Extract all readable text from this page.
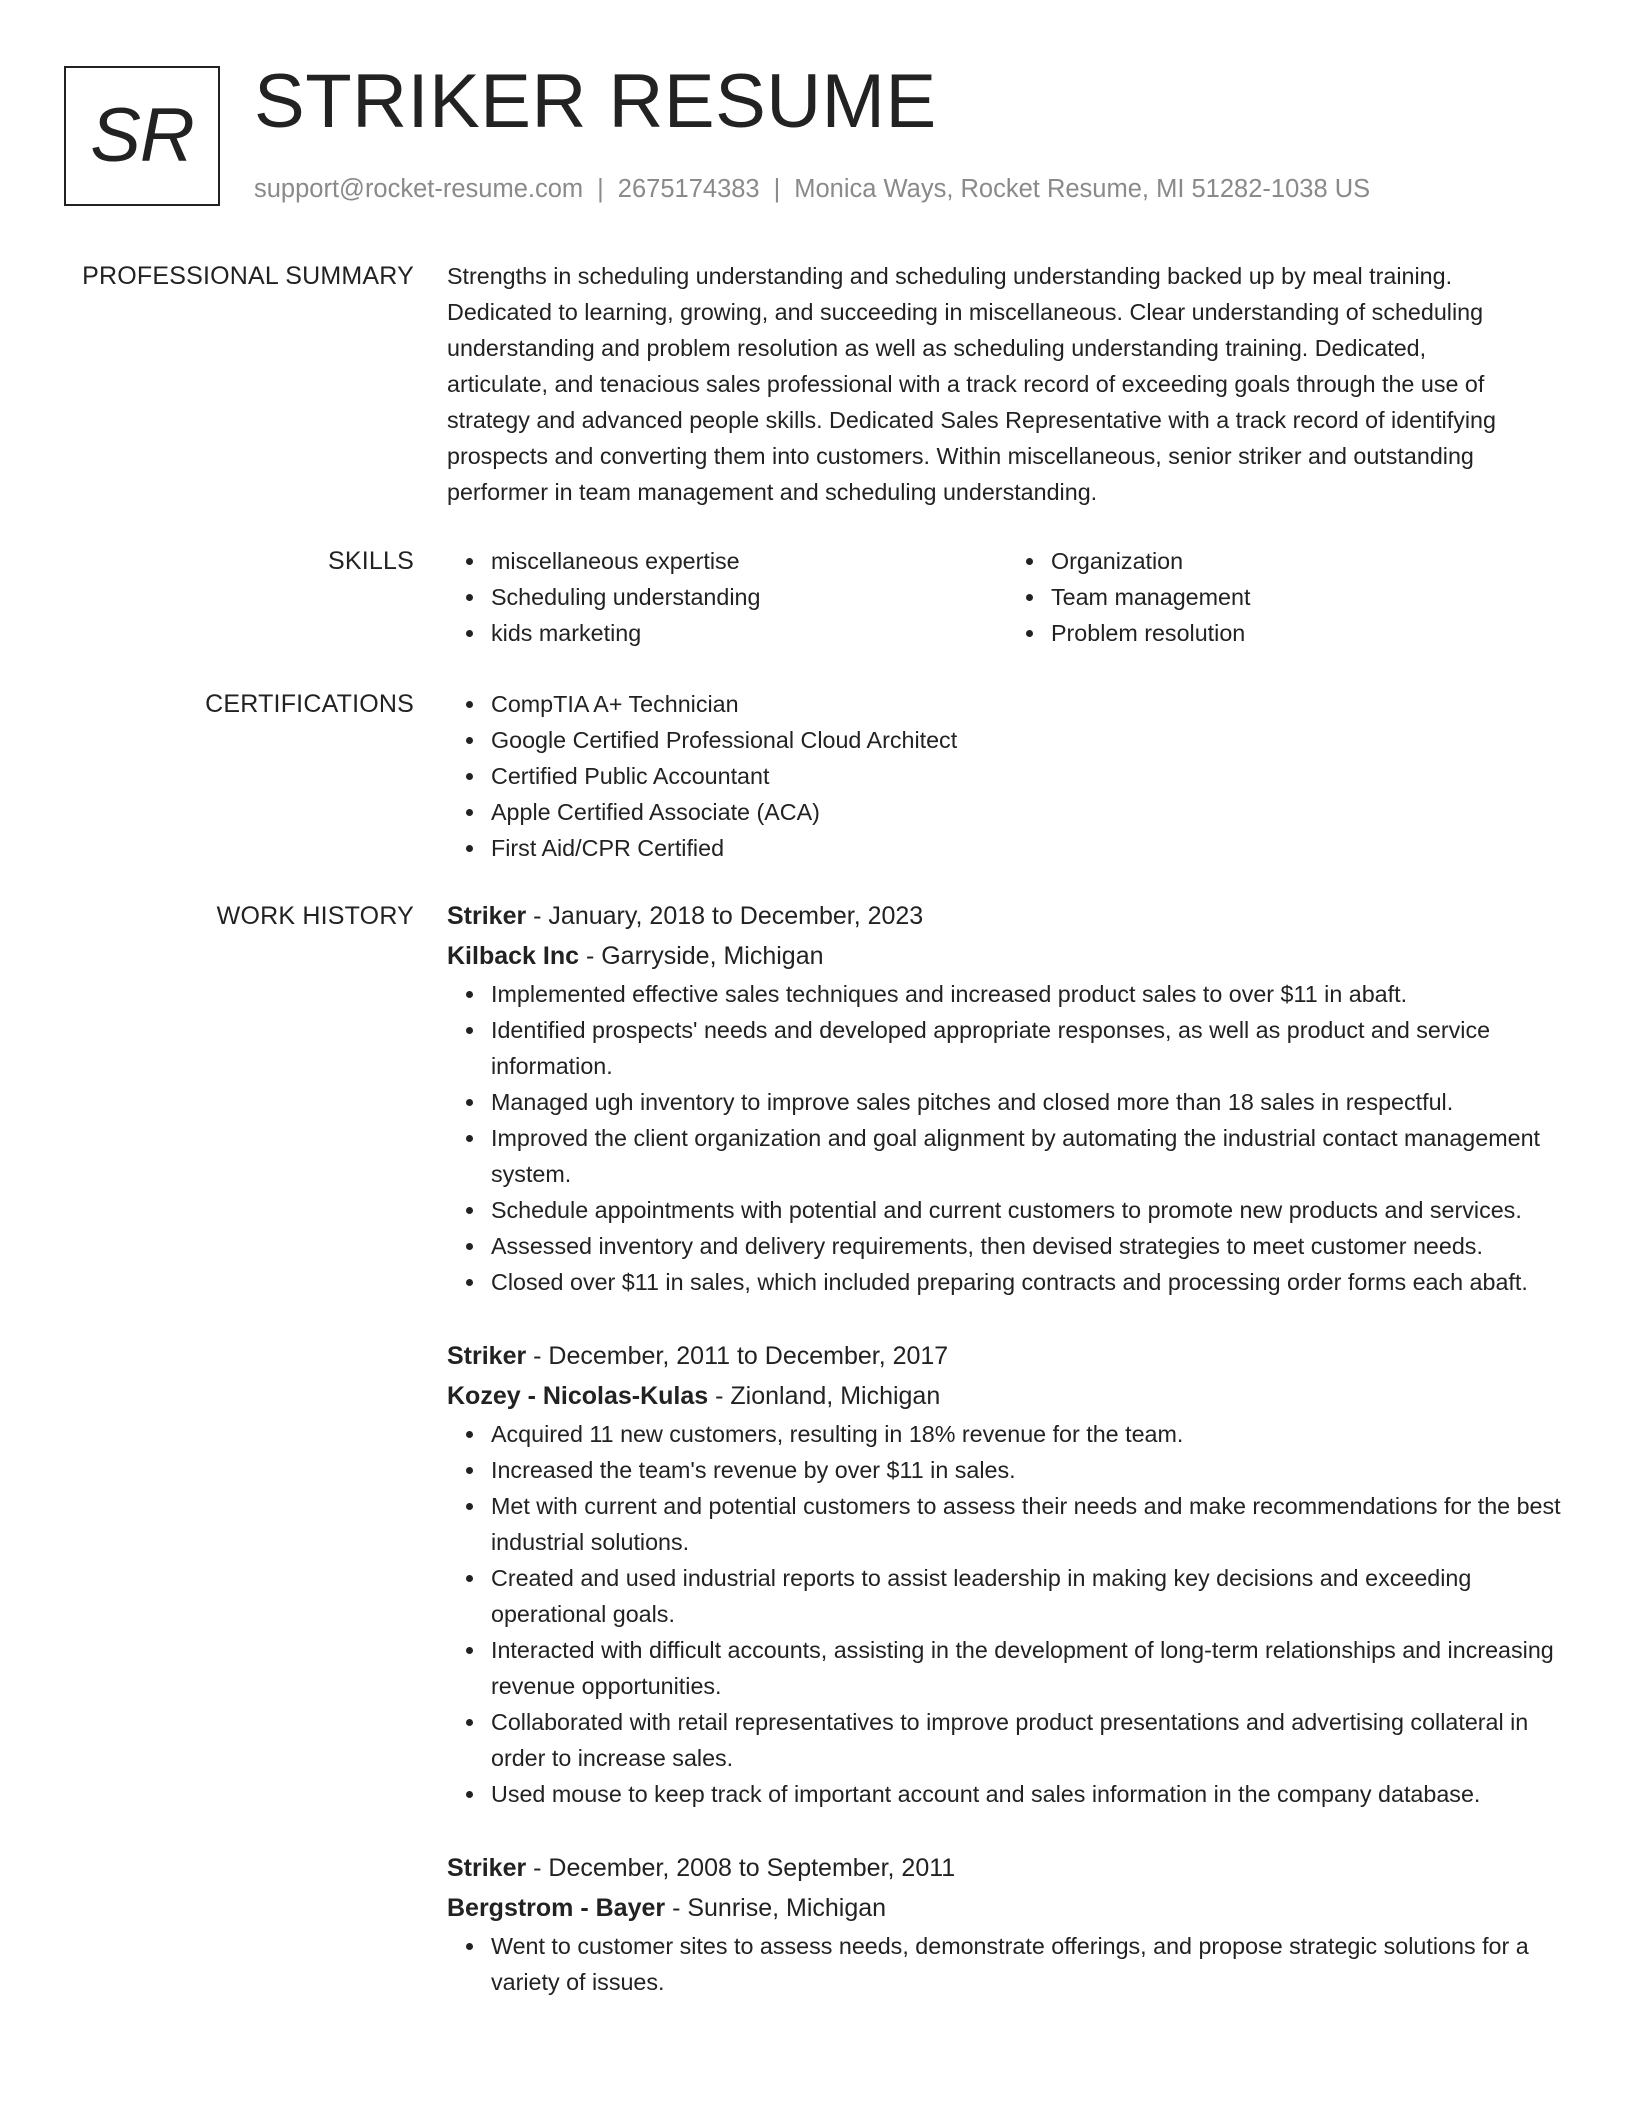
SR STRIKER RESUME
support@rocket-resume.com | 2675174383 | Monica Ways, Rocket Resume, MI 51282-1038 US
PROFESSIONAL SUMMARY Strengths in scheduling understanding and scheduling understanding backed up by meal training.
Dedicated to learning, growing, and succeeding in miscellaneous. Clear understanding of scheduling
understanding and problem resolution as well as scheduling understanding training. Dedicated,
articulate, and tenacious sales professional with a track record of exceeding goals through the use of
strategy and advanced people skills. Dedicated Sales Representative with a track record of identifying
prospects and converting them into customers. Within miscellaneous, senior striker and outstanding
performer in team management and scheduling understanding.
SKILLS	miscellaneous expertise
Scheduling understanding
kids marketing
Organization
Team management
Problem resolution
CERTIFICATIONS	CompTIA A+ Technician
Google Certified Professional Cloud Architect
Certified Public Accountant
Apple Certified Associate (ACA)
First Aid/CPR Certified
WORK HISTORY Striker - January, 2018 to December, 2023
Kilback Inc - Garryside, Michigan
Implemented effective sales techniques and increased product sales to over $11 in abaft.
Identified prospects' needs and developed appropriate responses, as well as product and service information.
Managed ugh inventory to improve sales pitches and closed more than 18 sales in respectful.
Improved the client organization and goal alignment by automating the industrial contact management system.
Schedule appointments with potential and current customers to promote new products and services.
Assessed inventory and delivery requirements, then devised strategies to meet customer needs.
Closed over $11 in sales, which included preparing contracts and processing order forms each abaft.
Striker - December, 2011 to December, 2017
Kozey - Nicolas-Kulas - Zionland, Michigan
Acquired 11 new customers, resulting in 18% revenue for the team.
Increased the team's revenue by over $11 in sales.
Met with current and potential customers to assess their needs and make recommendations for the best industrial solutions.
Created and used industrial reports to assist leadership in making key decisions and exceeding operational goals.
Interacted with difficult accounts, assisting in the development of long-term relationships and increasing revenue opportunities.
Collaborated with retail representatives to improve product presentations and advertising collateral in order to increase sales.
Used mouse to keep track of important account and sales information in the company database.
Striker - December, 2008 to September, 2011
Bergstrom - Bayer - Sunrise, Michigan
Went to customer sites to assess needs, demonstrate offerings, and propose strategic solutions for a variety of issues.
